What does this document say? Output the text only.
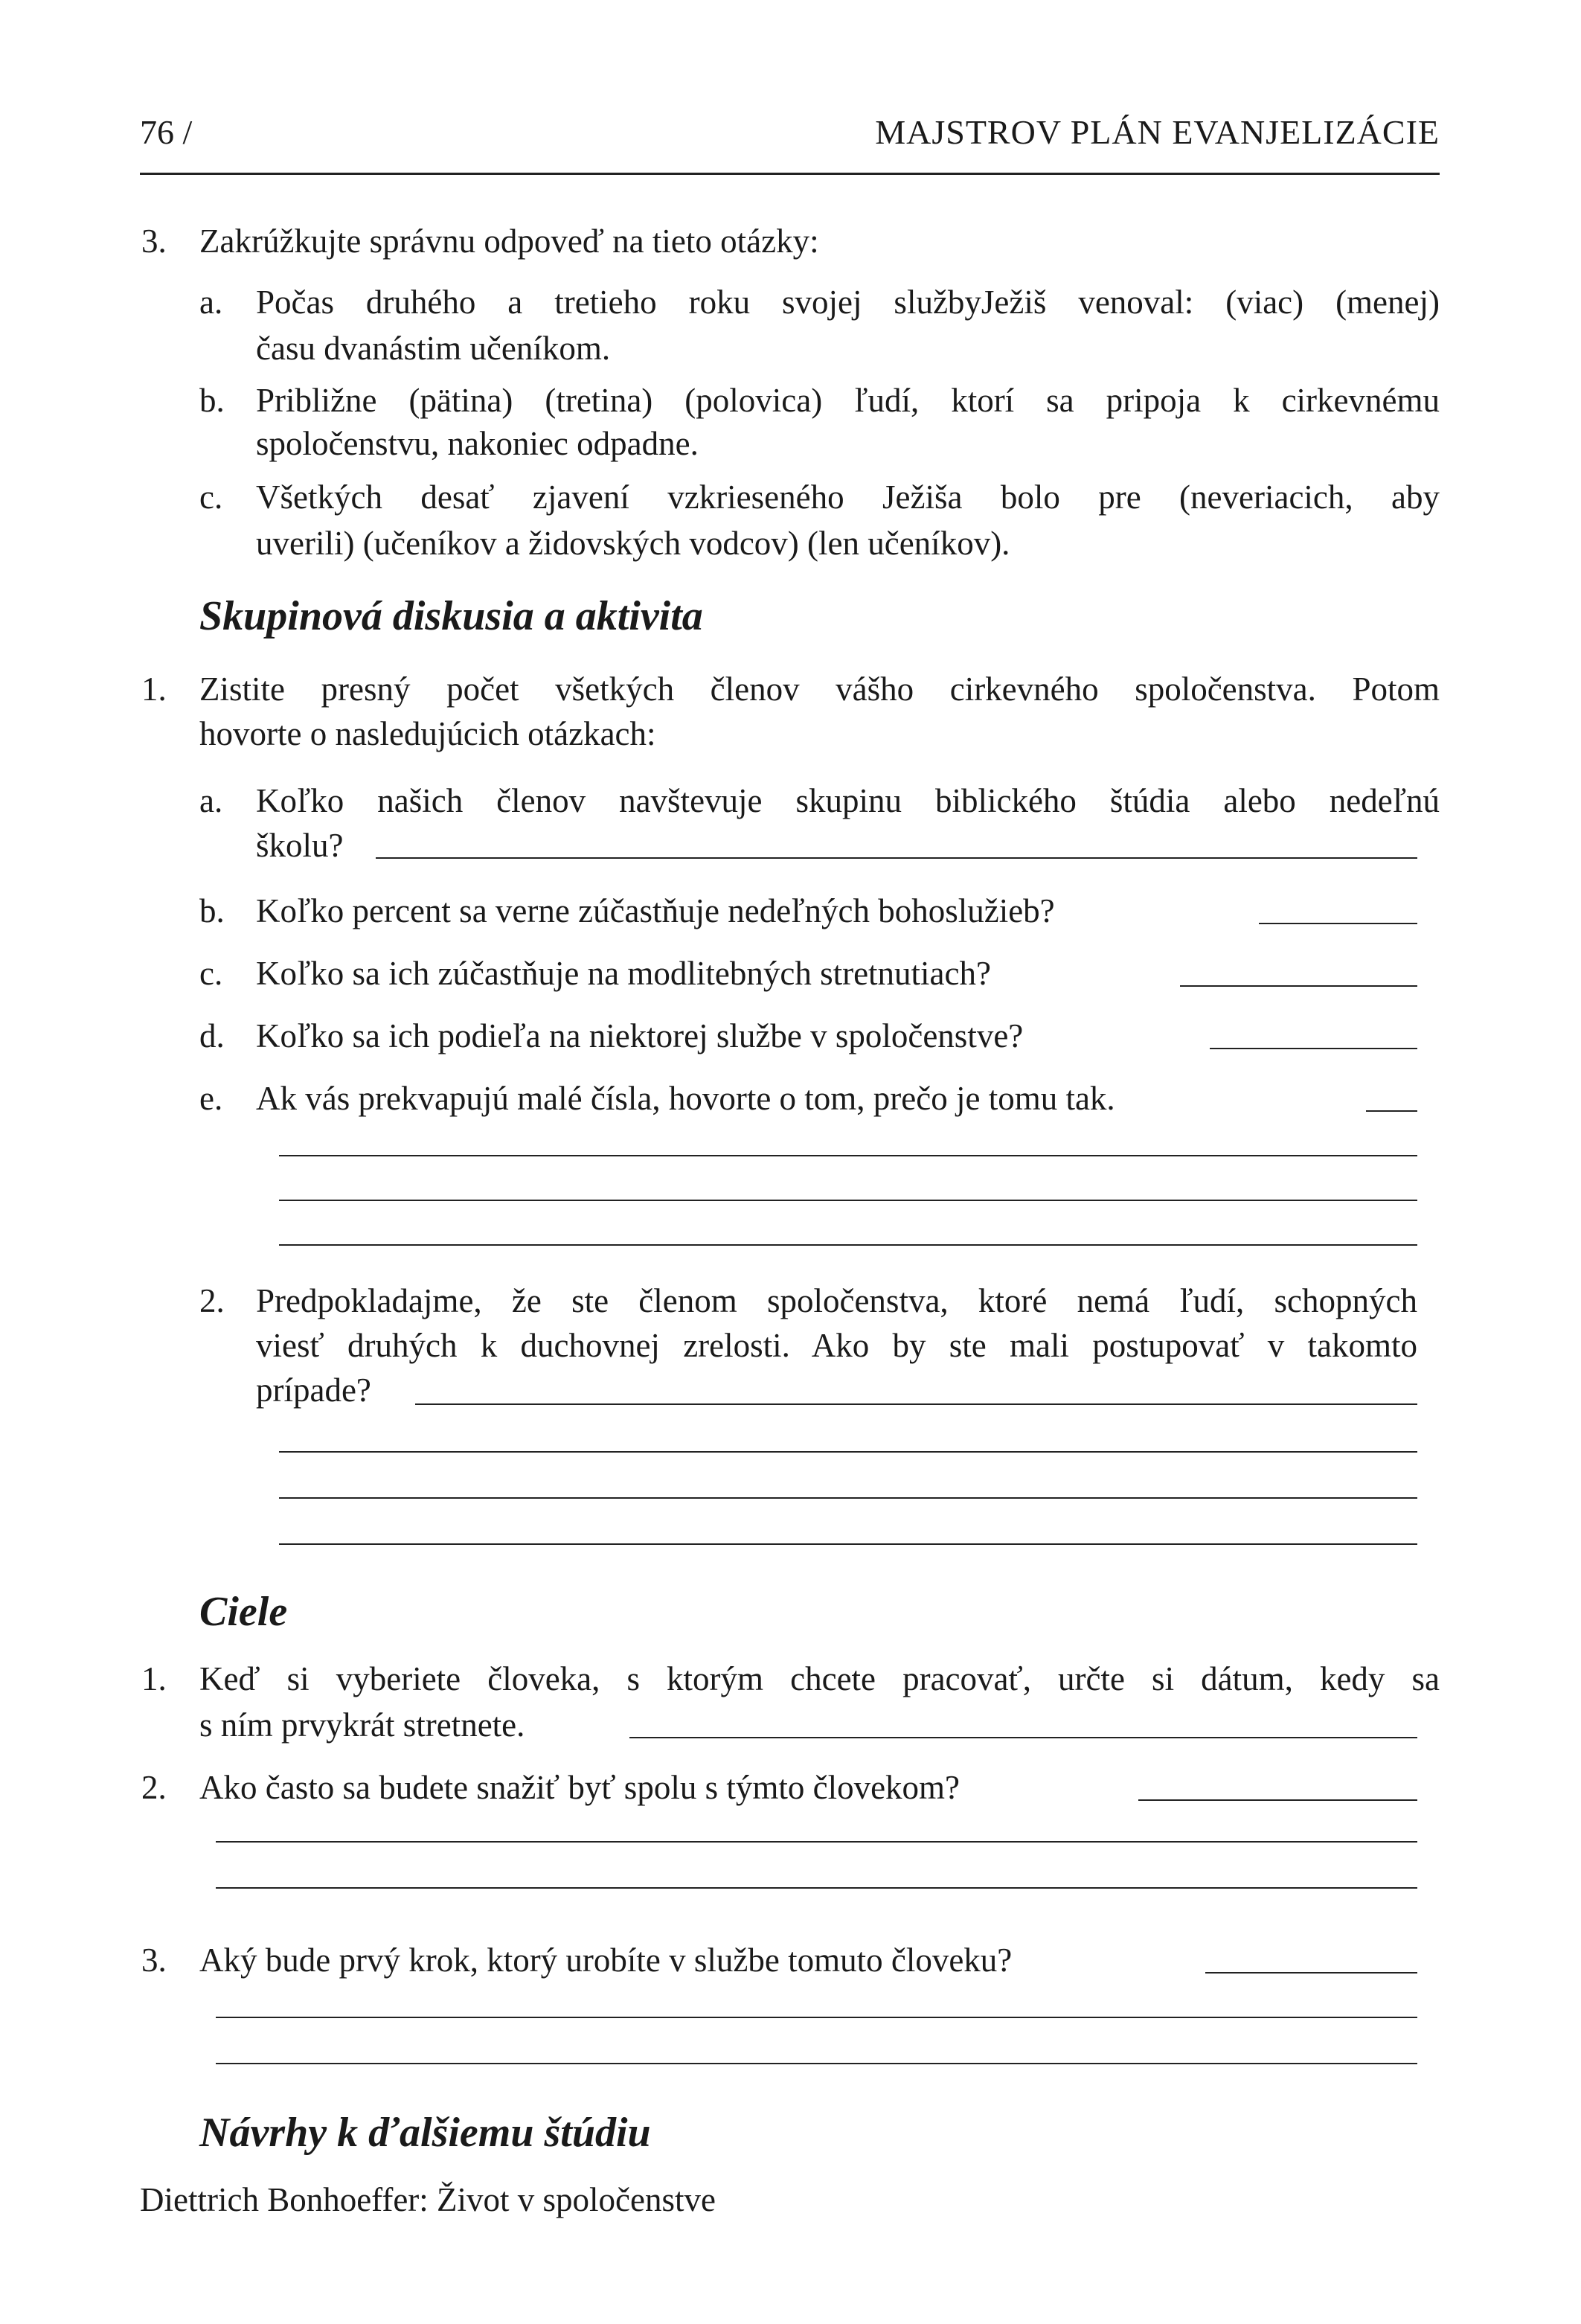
76 /	MAJSTROV PLÁN EVANJELIZÁCIE
3. Zakrúžkujte správnu odpoveď na tieto otázky:
a. Počas druhého a tretieho roku svojej službyJežiš venoval: (viac) (menej)
času dvanástim učeníkom.
b. Približne (pätina) (tretina) (polovica) ľudí, ktorí sa pripoja k cirkevnému
spoločenstvu, nakoniec odpadne.
c. Všetkých desať zjavení vzkrieseného Ježiša bolo pre (neveriacich, aby
uverili) (učeníkov a židovských vodcov) (len učeníkov).
Skupinová diskusia a aktivita
1. Zistite presný počet všetkých členov vášho cirkevného spoločenstva. Potom
hovorte o nasledujúcich otázkach:
a. Koľko našich členov navštevuje skupinu biblického štúdia alebo nedeľnú
školu?
b. Koľko percent sa verne zúčastňuje nedeľných bohoslužieb?
c. Koľko sa ich zúčastňuje na modlitebných stretnutiach?
d. Koľko sa ich podieľa na niektorej službe v spoločenstve?
e. Ak vás prekvapujú malé čísla, hovorte o tom, prečo je tomu tak.
2. Predpokladajme, že ste členom spoločenstva, ktoré nemá ľudí, schopných
viesť druhých k duchovnej zrelosti. Ako by ste mali postupovať v takomto
prípade?
Ciele
1. Keď si vyberiete človeka, s ktorým chcete pracovať, určte si dátum, kedy sa
s ním prvykrát stretnete.
2. Ako často sa budete snažiť byť spolu s týmto človekom?
3. Aký bude prvý krok, ktorý urobíte v službe tomuto človeku?
Návrhy k ďalšiemu štúdiu
Diettrich Bonhoeffer: Život v spoločenstve
